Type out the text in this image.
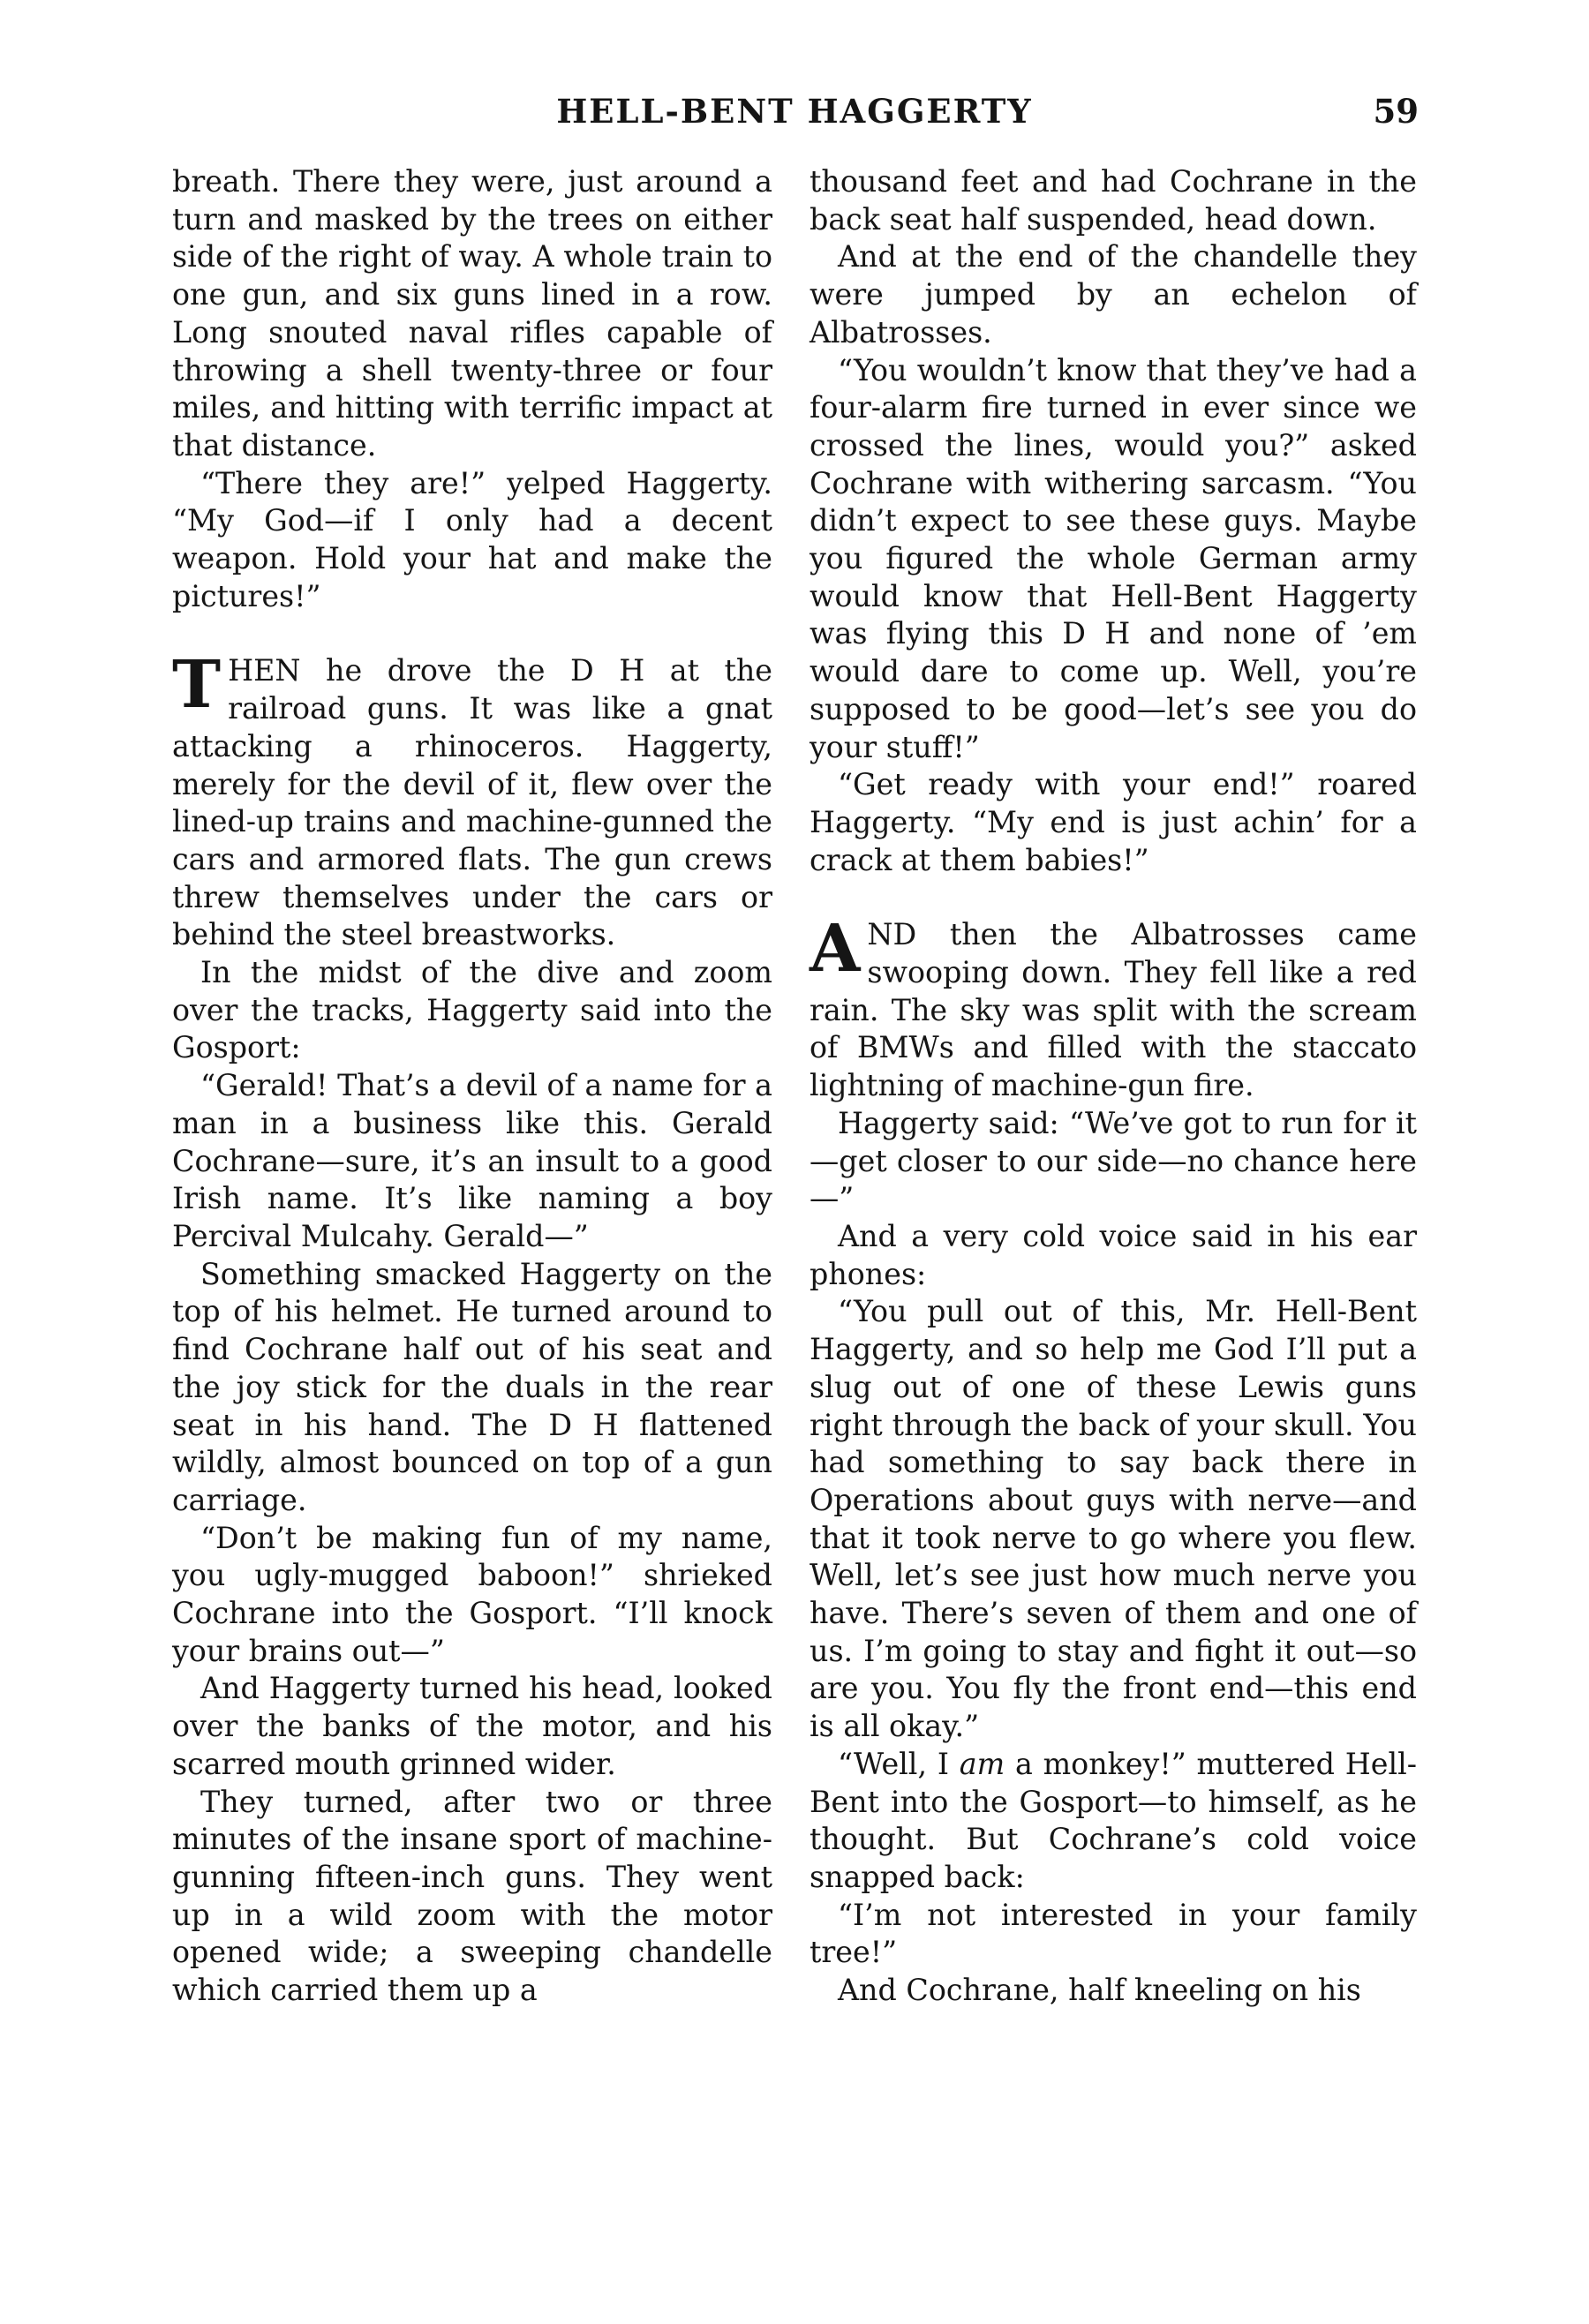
HELL-BENT HAGGERTY	59

breath. There they were, just around a turn and masked by the trees on either side of the right of way. A whole train to one gun, and six guns lined in a row. Long snouted naval rifles capable of throwing a shell twenty-three or four miles, and hitting with terrific impact at that distance.

“There they are!” yelped Haggerty. “My God—if I only had a decent weapon. Hold your hat and make the pictures!”

THEN he drove the D H at the railroad guns. It was like a gnat attacking a rhinoceros. Haggerty, merely for the devil of it, flew over the lined-up trains and machine-gunned the cars and armored flats. The gun crews threw themselves under the cars or behind the steel breastworks.

In the midst of the dive and zoom over the tracks, Haggerty said into the Gosport:

“Gerald! That’s a devil of a name for a man in a business like this. Gerald Cochrane—sure, it’s an insult to a good Irish name. It’s like naming a boy Percival Mulcahy. Gerald—”

Something smacked Haggerty on the top of his helmet. He turned around to find Cochrane half out of his seat and the joy stick for the duals in the rear seat in his hand. The D H flattened wildly, almost bounced on top of a gun carriage.

“Don’t be making fun of my name, you ugly-mugged baboon!” shrieked Cochrane into the Gosport. “I’ll knock your brains out—”

And Haggerty turned his head, looked over the banks of the motor, and his scarred mouth grinned wider.

They turned, after two or three minutes of the insane sport of machine-gunning fifteen-inch guns. They went up in a wild zoom with the motor opened wide; a sweeping chandelle which carried them up a

thousand feet and had Cochrane in the back seat half suspended, head down.

And at the end of the chandelle they were jumped by an echelon of Albatrosses.

“You wouldn’t know that they’ve had a four-alarm fire turned in ever since we crossed the lines, would you?” asked Cochrane with withering sarcasm. “You didn’t expect to see these guys. Maybe you figured the whole German army would know that Hell-Bent Haggerty was flying this D H and none of ’em would dare to come up. Well, you’re supposed to be good—let’s see you do your stuff!”

“Get ready with your end!” roared Haggerty. “My end is just achin’ for a crack at them babies!”

AND then the Albatrosses came swooping down. They fell like a red rain. The sky was split with the scream of BMWs and filled with the staccato lightning of machine-gun fire.

Haggerty said: “We’ve got to run for it—get closer to our side—no chance here—”

And a very cold voice said in his ear phones:

“You pull out of this, Mr. Hell-Bent Haggerty, and so help me God I’ll put a slug out of one of these Lewis guns right through the back of your skull. You had something to say back there in Operations about guys with nerve—and that it took nerve to go where you flew. Well, let’s see just how much nerve you have. There’s seven of them and one of us. I’m going to stay and fight it out—so are you. You fly the front end—this end is all okay.”

“Well, I am a monkey!” muttered Hell-Bent into the Gosport—to himself, as he thought. But Cochrane’s cold voice snapped back:

“I’m not interested in your family tree!”

And Cochrane, half kneeling on his
